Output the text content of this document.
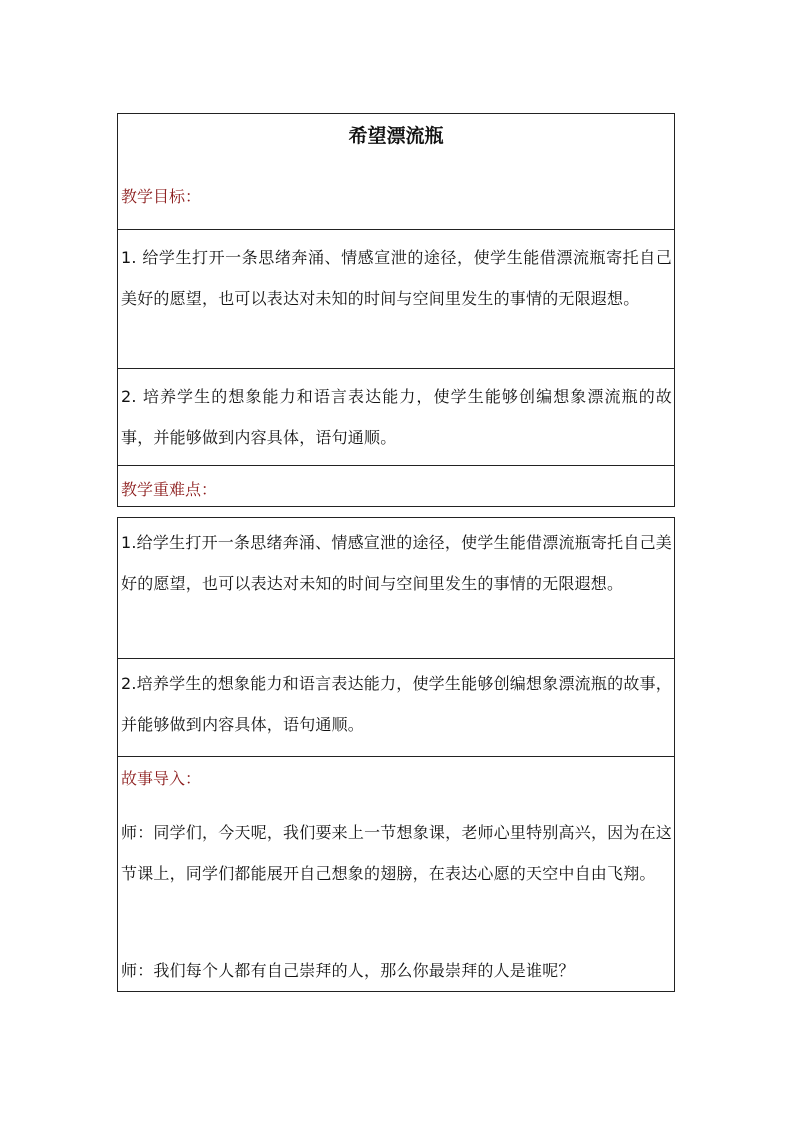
希望漂流瓶
教学目标：
1. 给学生打开一条思绪奔涌、情感宣泄的途径，使学生能借漂流瓶寄托自己美好的愿望，也可以表达对未知的时间与空间里发生的事情的无限遐想。
2. 培养学生的想象能力和语言表达能力，使学生能够创编想象漂流瓶的故事，并能够做到内容具体，语句通顺。
教学重难点：
1.给学生打开一条思绪奔涌、情感宣泄的途径，使学生能借漂流瓶寄托自己美好的愿望，也可以表达对未知的时间与空间里发生的事情的无限遐想。
2.培养学生的想象能力和语言表达能力，使学生能够创编想象漂流瓶的故事，并能够做到内容具体，语句通顺。
故事导入：
师：同学们，今天呢，我们要来上一节想象课，老师心里特别高兴，因为在这节课上，同学们都能展开自己想象的翅膀，在表达心愿的天空中自由飞翔。
师：我们每个人都有自己崇拜的人，那么你最崇拜的人是谁呢？
